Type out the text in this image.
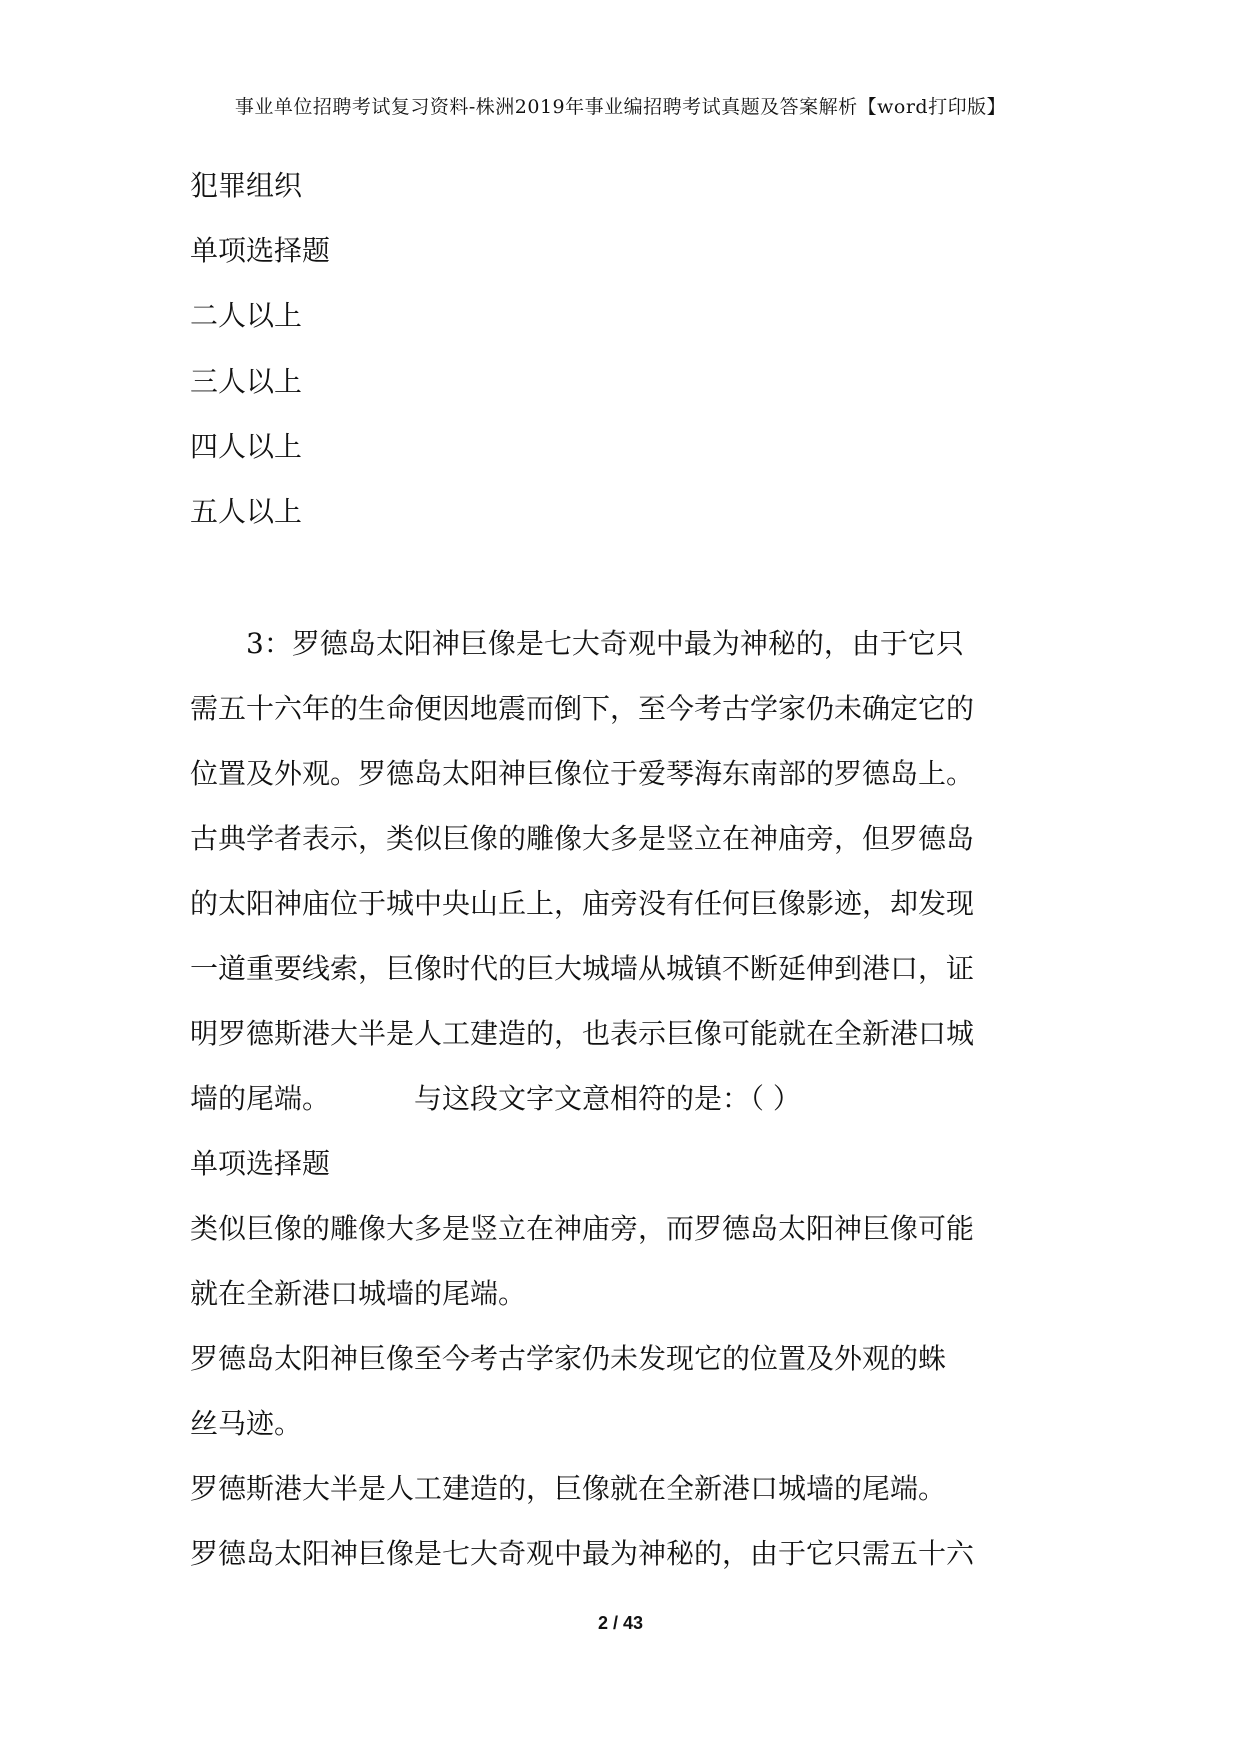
事业单位招聘考试复习资料-株洲2019年事业编招聘考试真题及答案解析【word打印版】
犯罪组织
单项选择题
二人以上
三人以上
四人以上
五人以上
3：罗德岛太阳神巨像是七大奇观中最为神秘的，由于它只
需五十六年的生命便因地震而倒下，至今考古学家仍未确定它的
位置及外观。罗德岛太阳神巨像位于爱琴海东南部的罗德岛上。
古典学者表示，类似巨像的雕像大多是竖立在神庙旁，但罗德岛
的太阳神庙位于城中央山丘上，庙旁没有任何巨像影迹，却发现
一道重要线索，巨像时代的巨大城墙从城镇不断延伸到港口，证
明罗德斯港大半是人工建造的，也表示巨像可能就在全新港口城
墙的尾端。	与这段文字文意相符的是：（ ）
单项选择题
类似巨像的雕像大多是竖立在神庙旁，而罗德岛太阳神巨像可能
就在全新港口城墙的尾端。
罗德岛太阳神巨像至今考古学家仍未发现它的位置及外观的蛛
丝马迹。
罗德斯港大半是人工建造的，巨像就在全新港口城墙的尾端。
罗德岛太阳神巨像是七大奇观中最为神秘的，由于它只需五十六
2 / 43
